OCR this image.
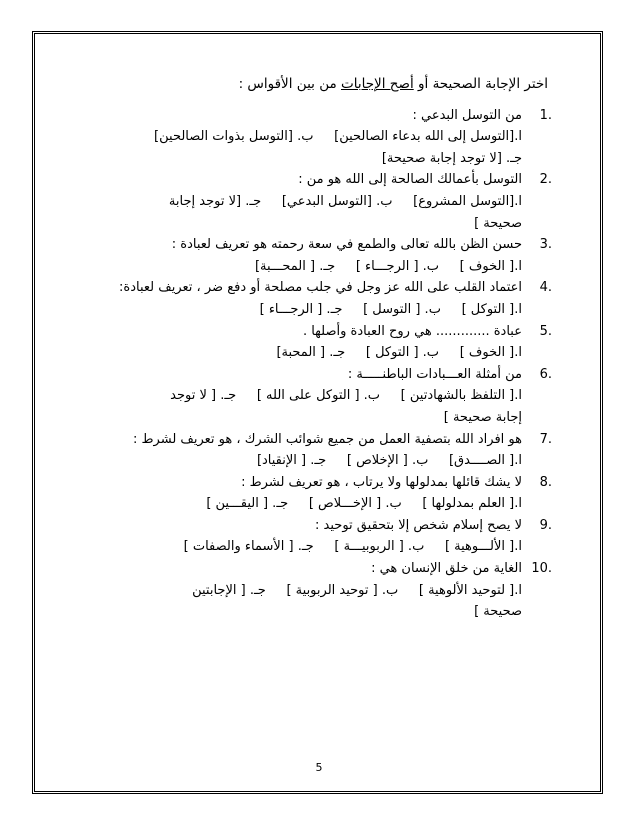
اختر الإجابة الصحيحة أو أصح الإجابات من بين الأقواس :
1.
من التوسل البدعي :
ا.[التوسل إلى الله بدعاء الصالحين]     ب. [التوسل بذوات الصالحين]
جـ. [لا توجد إجابة صحيحة]
2.
التوسل بأعمالك الصالحة إلى الله هو من :
ا.[التوسل المشروع]     ب. [التوسل البدعي]     جـ. [لا توجد إجابة
صحيحة ]
3.
حسن الظن بالله تعالى والطمع في سعة رحمته هو تعريف لعبادة :
ا.[ الخوف ]     ب. [ الرجـــاء ]     جـ. [ المحـــبة]
4.
اعتماد القلب على الله عز وجل في جلب مصلحة أو دفع ضر ، تعريف لعبادة:
ا.[ التوكل ]     ب. [ التوسل ]     جـ. [ الرجـــاء ]
5.
عبادة ............. هي روح العبادة وأصلها .
ا.[ الخوف ]     ب. [ التوكل ]     جـ. [ المحبة]
6.
من أمثلة العـــبادات الباطنـــــة :
ا.[ التلفظ بالشهادتين ]     ب. [ التوكل على الله ]     جـ. [ لا توجد
إجابة صحيحة ]
7.
هو افراد الله بتصفية العمل من جميع شوائب الشرك ، هو تعريف لشرط :
ا.[ الصــــدق]     ب. [ الإخلاص ]     جـ. [ الإنقياد]
8.
لا يشك قائلها بمدلولها ولا يرتاب ، هو تعريف لشرط :
ا.[ العلم بمدلولها ]     ب. [ الإخـــلاص ]     جـ. [ اليقـــين ]
9.
لا يصح إسلام شخص إلا بتحقيق توحيد :
ا.[ الألـــوهية ]     ب. [ الربوبيـــة ]     جـ. [ الأسماء والصفات ]
10.
الغاية من خلق الإنسان هي :
ا.[ لتوحيد الألوهية ]     ب. [ توحيد الربوبية ]     جـ. [ الإجابتين
صحيحة ]
5
